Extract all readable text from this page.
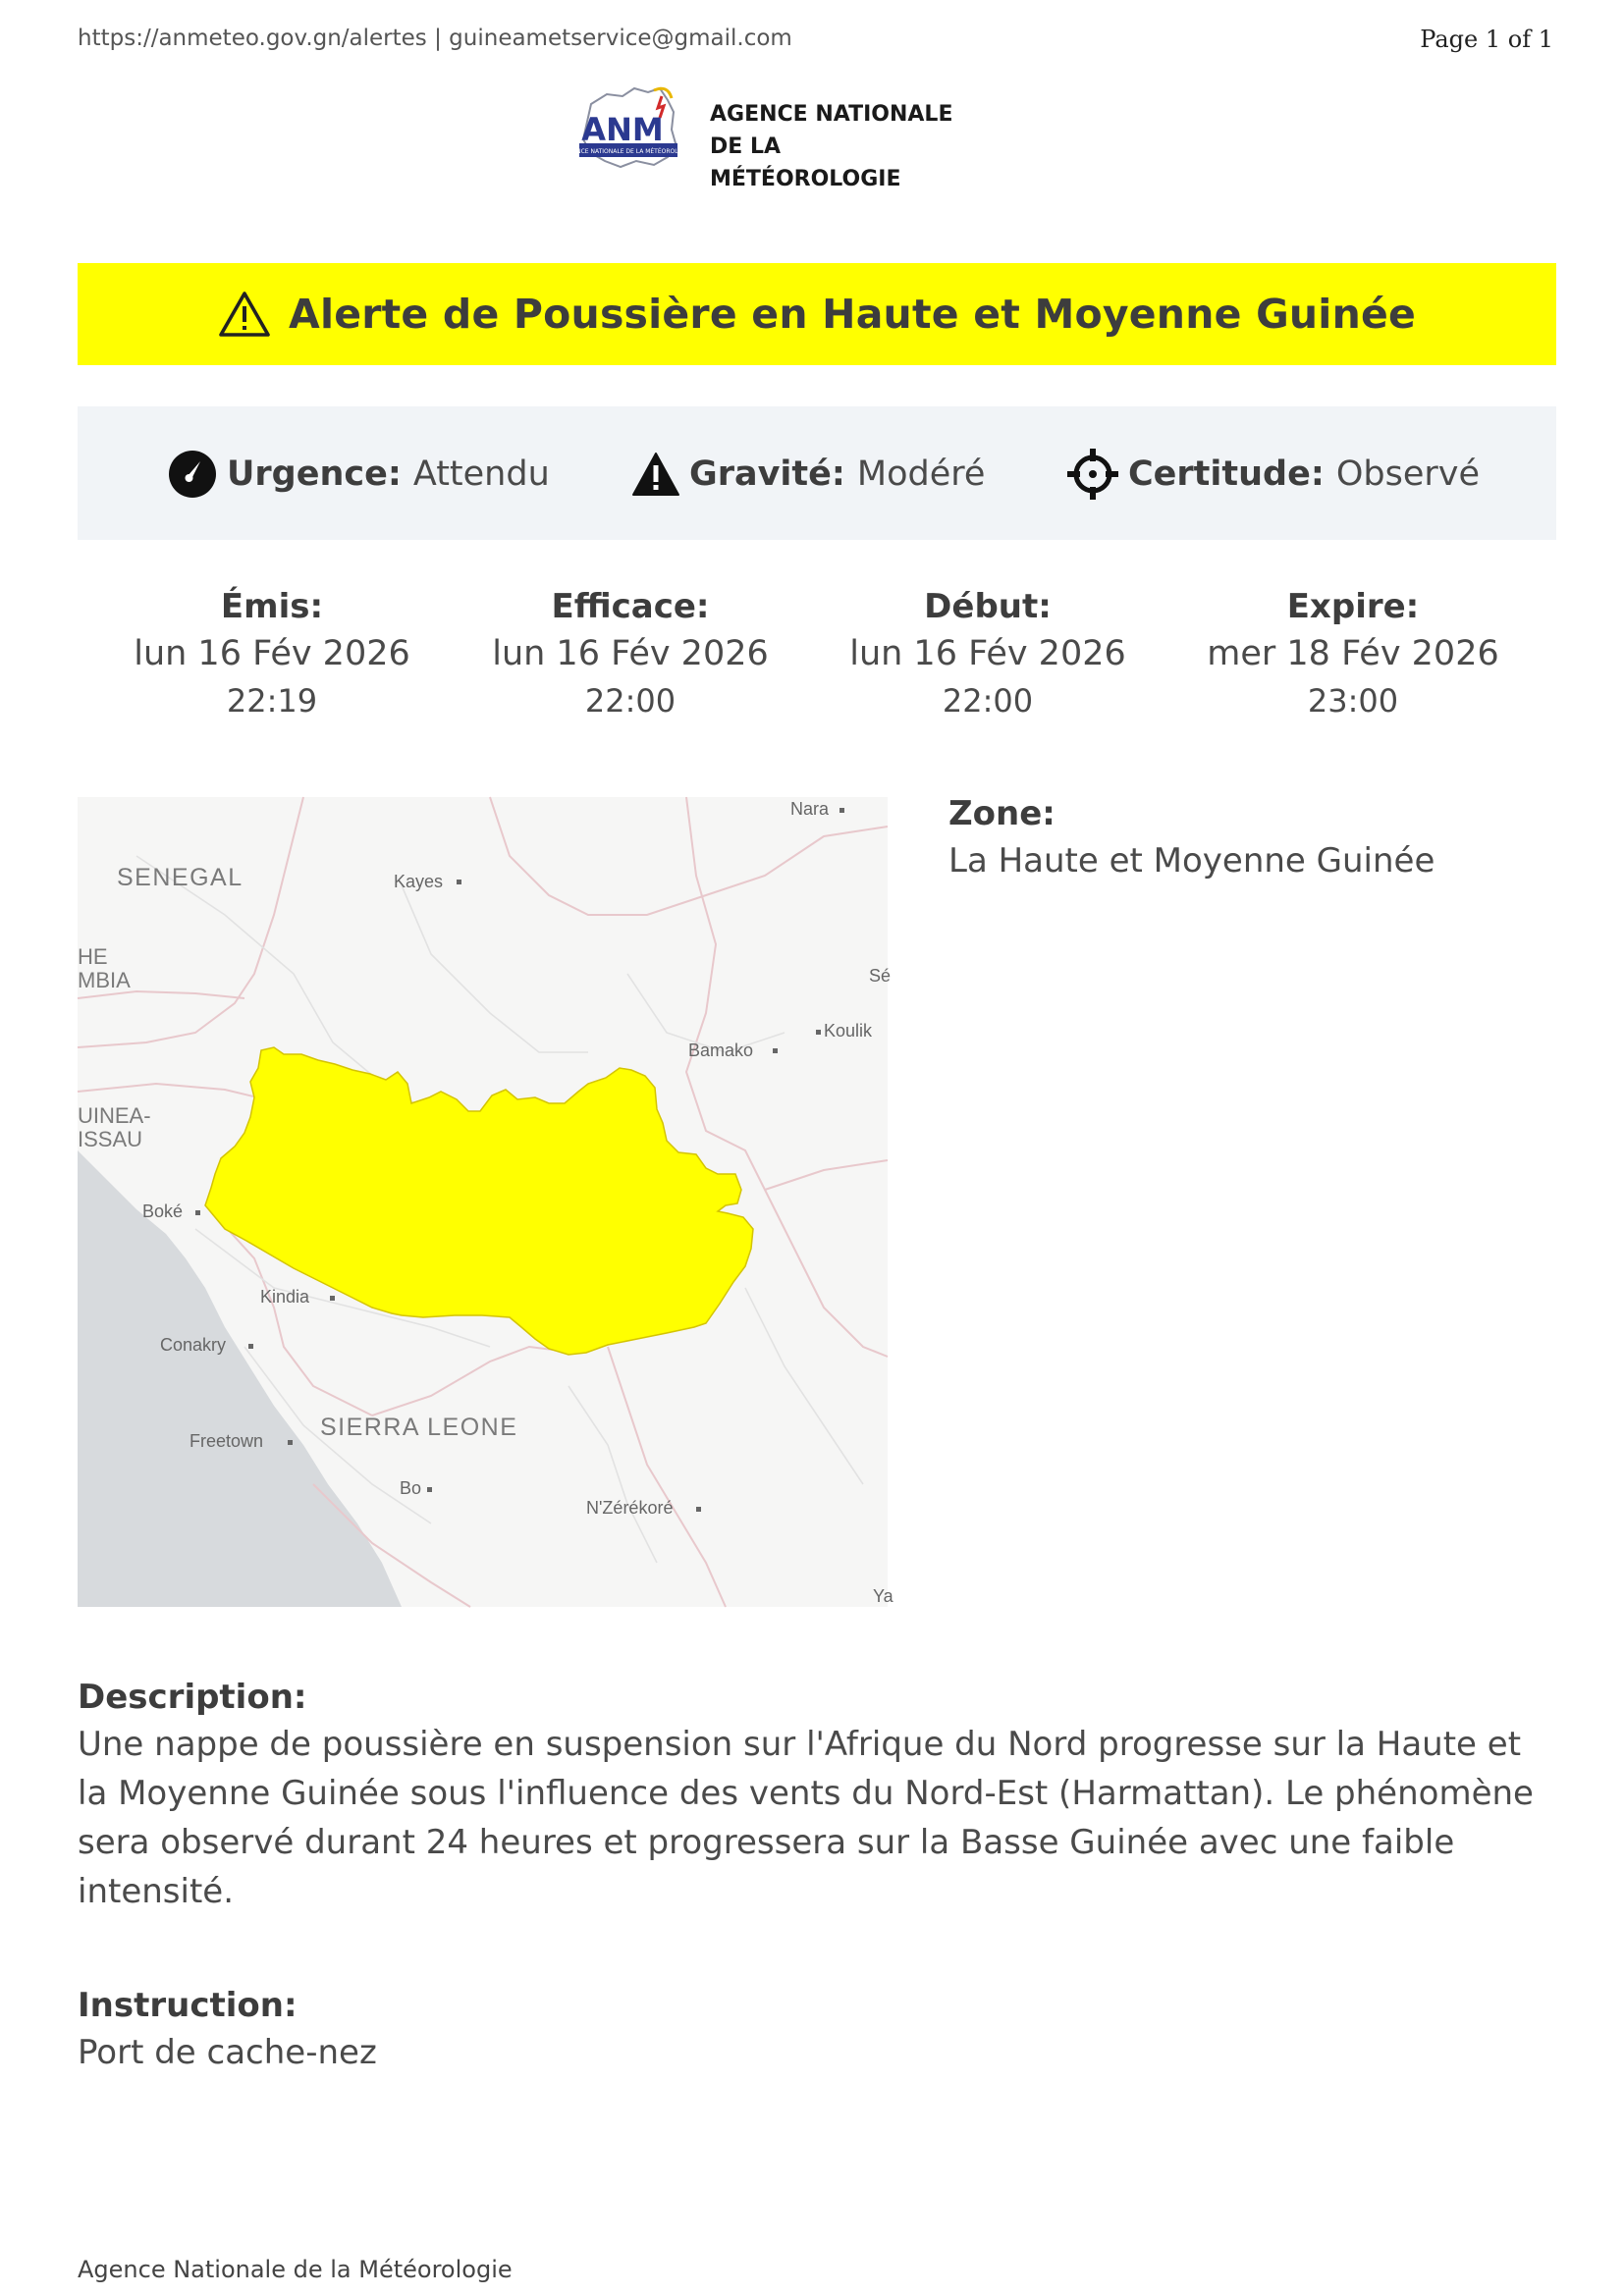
https://anmeteo.gov.gn/alertes | guineametservice@gmail.com	Page 1 of 1
AGENCE NATIONALE DE LA MÉTÉOROLOGIE
ANM AGENCE NATIONALE
DE LA MÉTÉOROLOGIE
Alerte de Poussière en Haute et Moyenne Guinée
Urgence: Attendu	Gravité: Modéré	Certitude: Observé
Émis:
lun 16 Fév 2026
22:19
Efficace:
lun 16 Fév 2026
22:00
Début:
lun 16 Fév 2026
22:00
Expire:
mer 18 Fév 2026
23:00
SENEGAL
HE
MBIA
UINEA-
ISSAU
SIERRA LEONE
Kayes
Nara
Bamako
Koulik
Sé
Boké
Kindia
Conakry
Freetown
Bo
N'Zérékoré
Ya
Zone:
La Haute et Moyenne Guinée
Description:
Une nappe de poussière en suspension sur l'Afrique du Nord progresse sur la Haute et la Moyenne Guinée sous l'influence des vents du Nord-Est (Harmattan). Le phénomène sera observé durant 24 heures et progressera sur la Basse Guinée avec une faible intensité.
Instruction:
Port de cache-nez
Agence Nationale de la Météorologie
